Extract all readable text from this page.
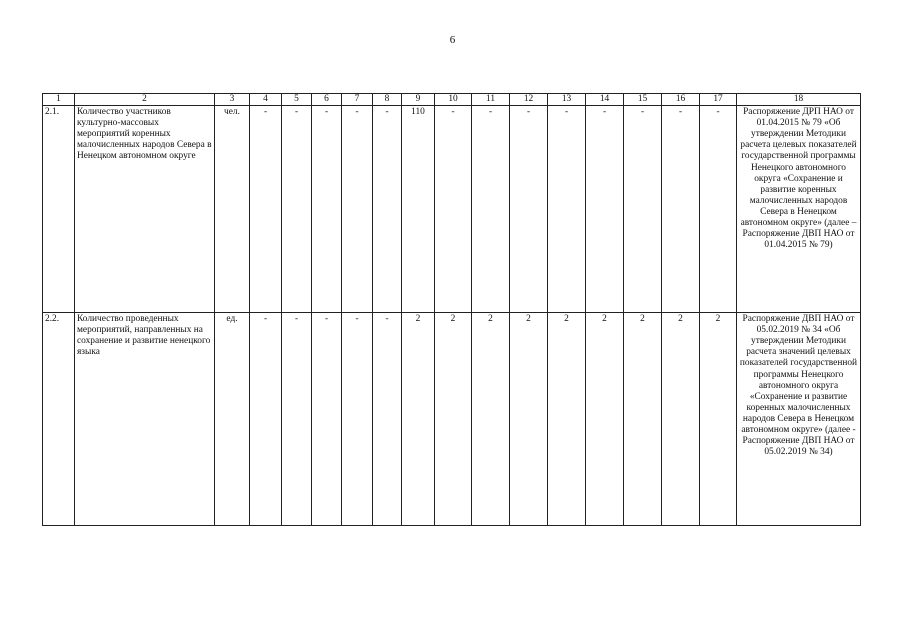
6
1	2	3	4	5	6	7	8	9	10	11	12	13	14	15	16	17	18
2.1.	Количество участников культурно-массовых мероприятий коренных малочисленных народов Севера в Ненецком автономном округе	чел.	-	-	-	-	-	110	-	-	-	-	-	-	-	-	Распоряжение ДРП НАО от 01.04.2015 № 79 «Об утверждении Методики расчета целевых показателей государственной программы Ненецкого автономного округа «Сохранение и развитие коренных малочисленных народов Севера в Ненецком автономном округе» (далее – Распоряжение ДВП НАО от 01.04.2015 № 79)
2.2.	Количество проведенных мероприятий, направленных на сохранение и развитие ненецкого языка	ед.	-	-	-	-	-	2	2	2	2	2	2	2	2	2	Распоряжение ДВП НАО от 05.02.2019 № 34 «Об утверждении Методики расчета значений целевых показателей государственной программы Ненецкого автономного округа «Сохранение и развитие коренных малочисленных народов Севера в Ненецком автономном округе» (далее - Распоряжение ДВП НАО от 05.02.2019 № 34)
